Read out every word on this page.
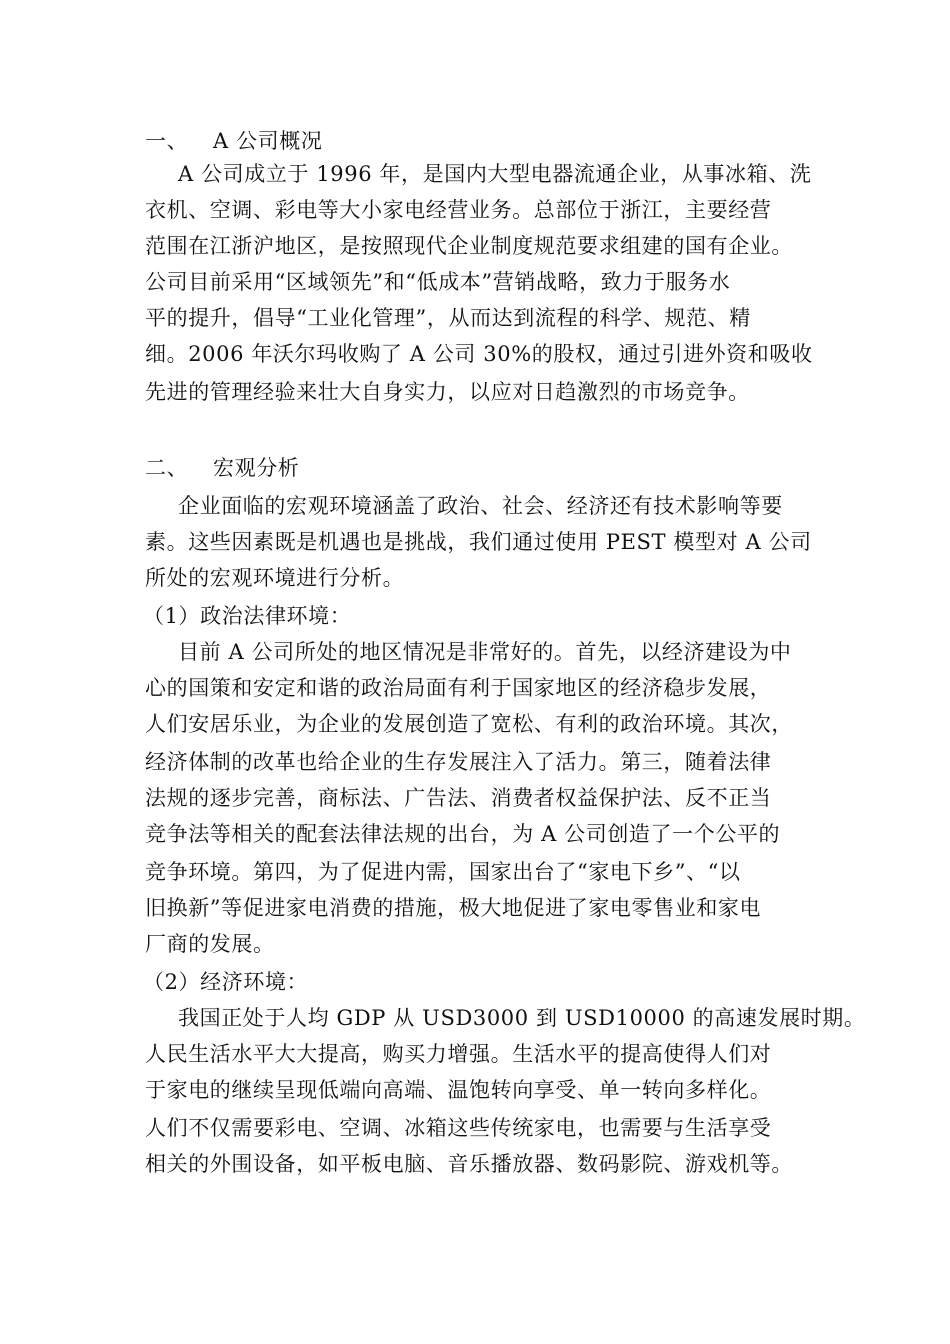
一、 A 公司概况
A 公司成立于 1996 年，是国内大型电器流通企业，从事冰箱、洗
衣机、空调、彩电等大小家电经营业务。总部位于浙江，主要经营
范围在江浙沪地区，是按照现代企业制度规范要求组建的国有企业。
公司目前采用“区域领先”和“低成本”营销战略，致力于服务水
平的提升，倡导“工业化管理”，从而达到流程的科学、规范、精
细。2006 年沃尔玛收购了 A 公司 30%的股权，通过引进外资和吸收
先进的管理经验来壮大自身实力，以应对日趋激烈的市场竞争。
二、 宏观分析
企业面临的宏观环境涵盖了政治、社会、经济还有技术影响等要
素。这些因素既是机遇也是挑战，我们通过使用 PEST 模型对 A 公司
所处的宏观环境进行分析。
（1）政治法律环境：
目前 A 公司所处的地区情况是非常好的。首先，以经济建设为中
心的国策和安定和谐的政治局面有利于国家地区的经济稳步发展，
人们安居乐业，为企业的发展创造了宽松、有利的政治环境。其次，
经济体制的改革也给企业的生存发展注入了活力。第三，随着法律
法规的逐步完善，商标法、广告法、消费者权益保护法、反不正当
竞争法等相关的配套法律法规的出台，为 A 公司创造了一个公平的
竞争环境。第四，为了促进内需，国家出台了“家电下乡”、“以
旧换新”等促进家电消费的措施，极大地促进了家电零售业和家电
厂商的发展。
（2）经济环境：
我国正处于人均 GDP 从 USD3000 到 USD10000 的高速发展时期。
人民生活水平大大提高，购买力增强。生活水平的提高使得人们对
于家电的继续呈现低端向高端、温饱转向享受、单一转向多样化。
人们不仅需要彩电、空调、冰箱这些传统家电，也需要与生活享受
相关的外围设备，如平板电脑、音乐播放器、数码影院、游戏机等。
